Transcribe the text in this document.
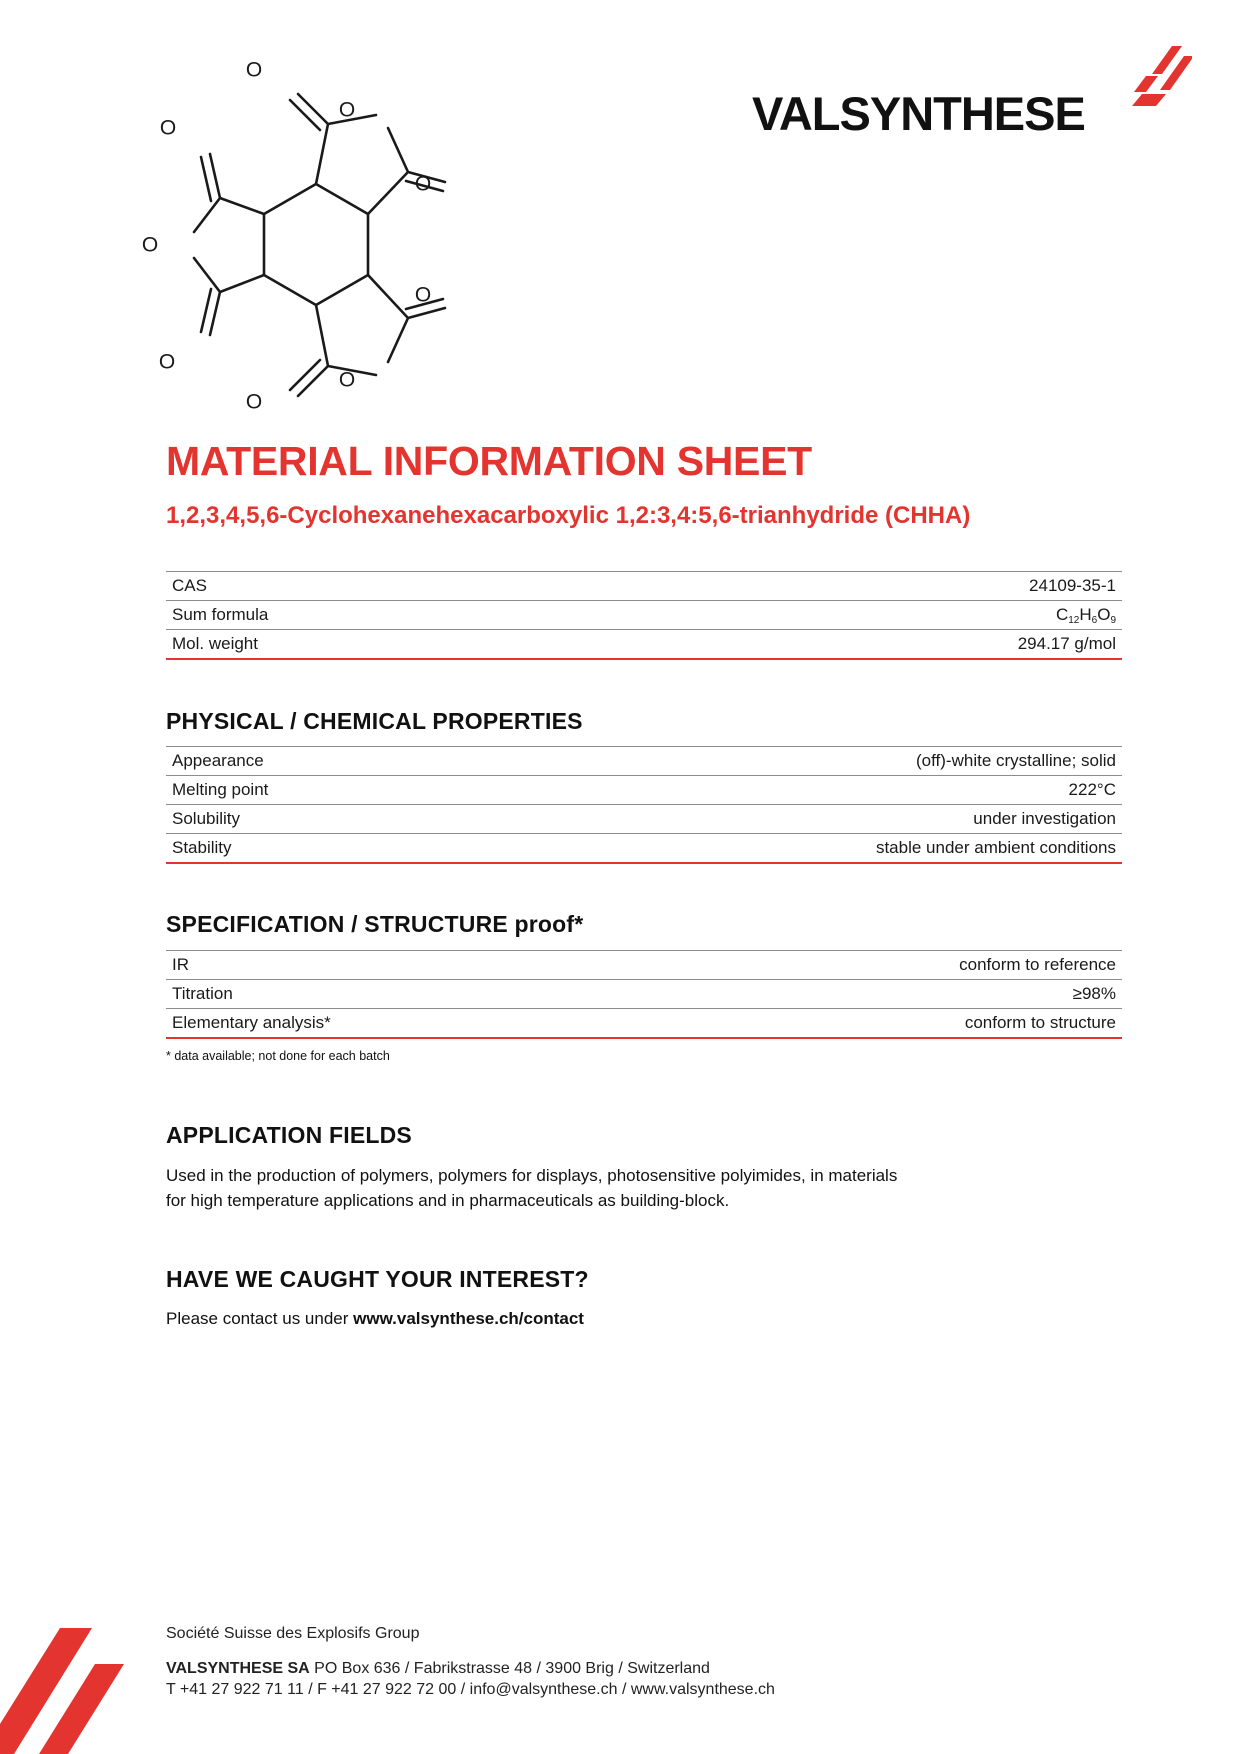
O
O
O
O
O
O
O
O
O
VALSYNTHESE
MATERIAL INFORMATION SHEET
1,2,3,4,5,6-Cyclohexanehexacarboxylic 1,2:3,4:5,6-trianhydride (CHHA)
CAS	24109-35-1
Sum formula	$C_{12}H_6O_9$
Mol. weight	294.17 g/mol
PHYSICAL / CHEMICAL PROPERTIES
Appearance	(off)-white crystalline; solid
Melting point	222°C
Solubility	under investigation
Stability	stable under ambient conditions
SPECIFICATION / STRUCTURE proof*
IR	conform to reference
Titration	≥98%
Elementary analysis*	conform to structure
* data available; not done for each batch
APPLICATION FIELDS
Used in the production of polymers, polymers for displays, photosensitive polyimides, in materials
for high temperature applications and in pharmaceuticals as building-block.
HAVE WE CAUGHT YOUR INTEREST?
Please contact us under www.valsynthese.ch/contact
Société Suisse des Explosifs Group
VALSYNTHESE SA PO Box 636 / Fabrikstrasse 48 / 3900 Brig / Switzerland
T +41 27 922 71 11 / F +41 27 922 72 00 / info@valsynthese.ch / www.valsynthese.ch
